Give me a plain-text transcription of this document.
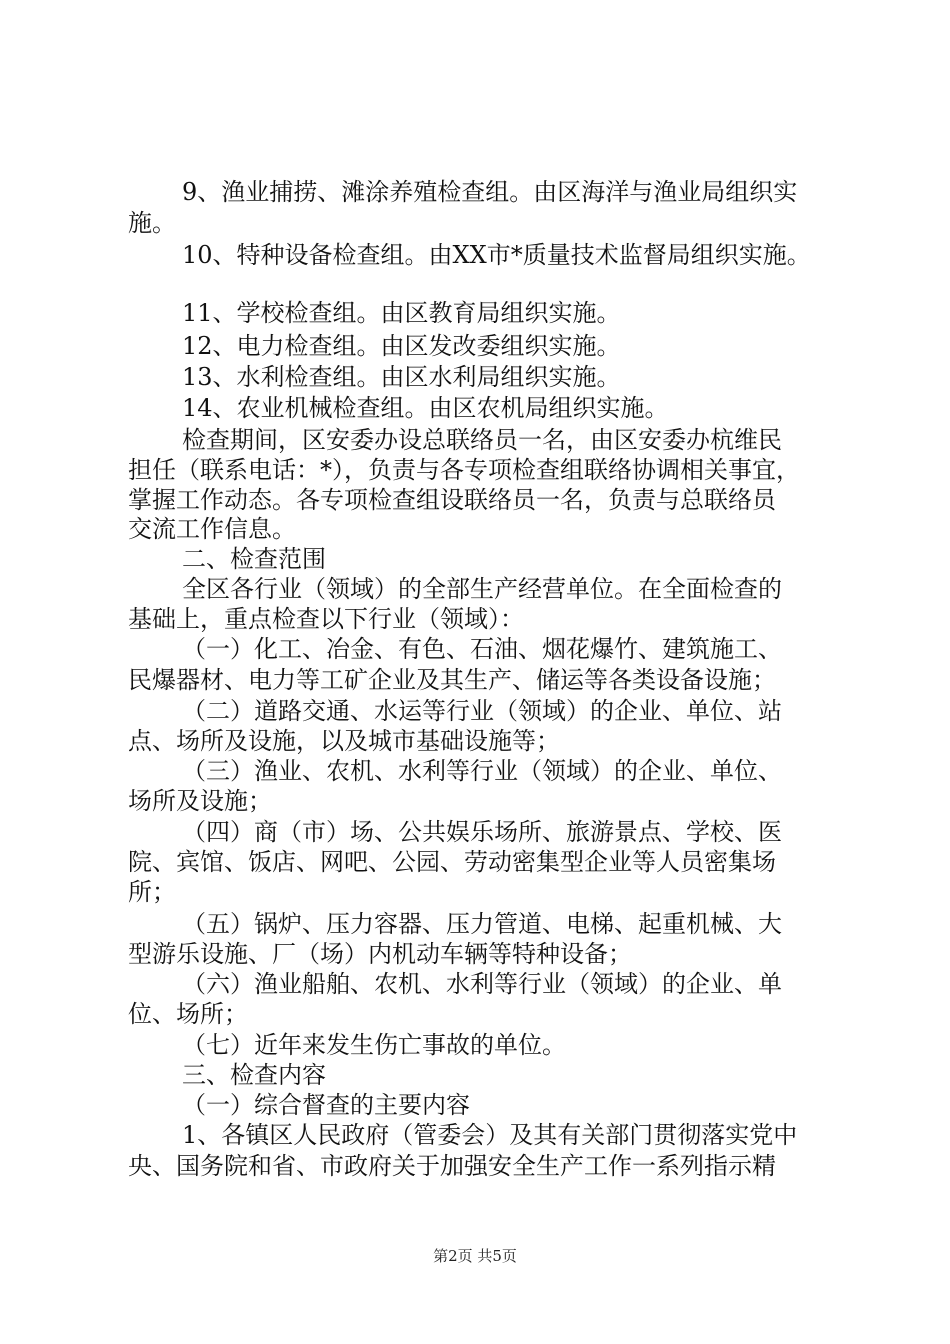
9、渔业捕捞、滩涂养殖检查组。由区海洋与渔业局组织实
施。
10、特种设备检查组。由XX市*质量技术监督局组织实施。
11、学校检查组。由区教育局组织实施。
12、电力检查组。由区发改委组织实施。
13、水利检查组。由区水利局组织实施。
14、农业机械检查组。由区农机局组织实施。
检查期间，区安委办设总联络员一名，由区安委办杭维民
担任（联系电话：*），负责与各专项检查组联络协调相关事宜，
掌握工作动态。各专项检查组设联络员一名，负责与总联络员
交流工作信息。
二、检查范围
全区各行业（领域）的全部生产经营单位。在全面检查的
基础上，重点检查以下行业（领域）：
（一）化工、冶金、有色、石油、烟花爆竹、建筑施工、
民爆器材、电力等工矿企业及其生产、储运等各类设备设施；
（二）道路交通、水运等行业（领域）的企业、单位、站
点、场所及设施，以及城市基础设施等；
（三）渔业、农机、水利等行业（领域）的企业、单位、
场所及设施；
（四）商（市）场、公共娱乐场所、旅游景点、学校、医
院、宾馆、饭店、网吧、公园、劳动密集型企业等人员密集场
所；
（五）锅炉、压力容器、压力管道、电梯、起重机械、大
型游乐设施、厂（场）内机动车辆等特种设备；
（六）渔业船舶、农机、水利等行业（领域）的企业、单
位、场所；
（七）近年来发生伤亡事故的单位。
三、检查内容
（一）综合督查的主要内容
1、各镇区人民政府（管委会）及其有关部门贯彻落实党中
央、国务院和省、市政府关于加强安全生产工作一系列指示精
第2页 共5页
